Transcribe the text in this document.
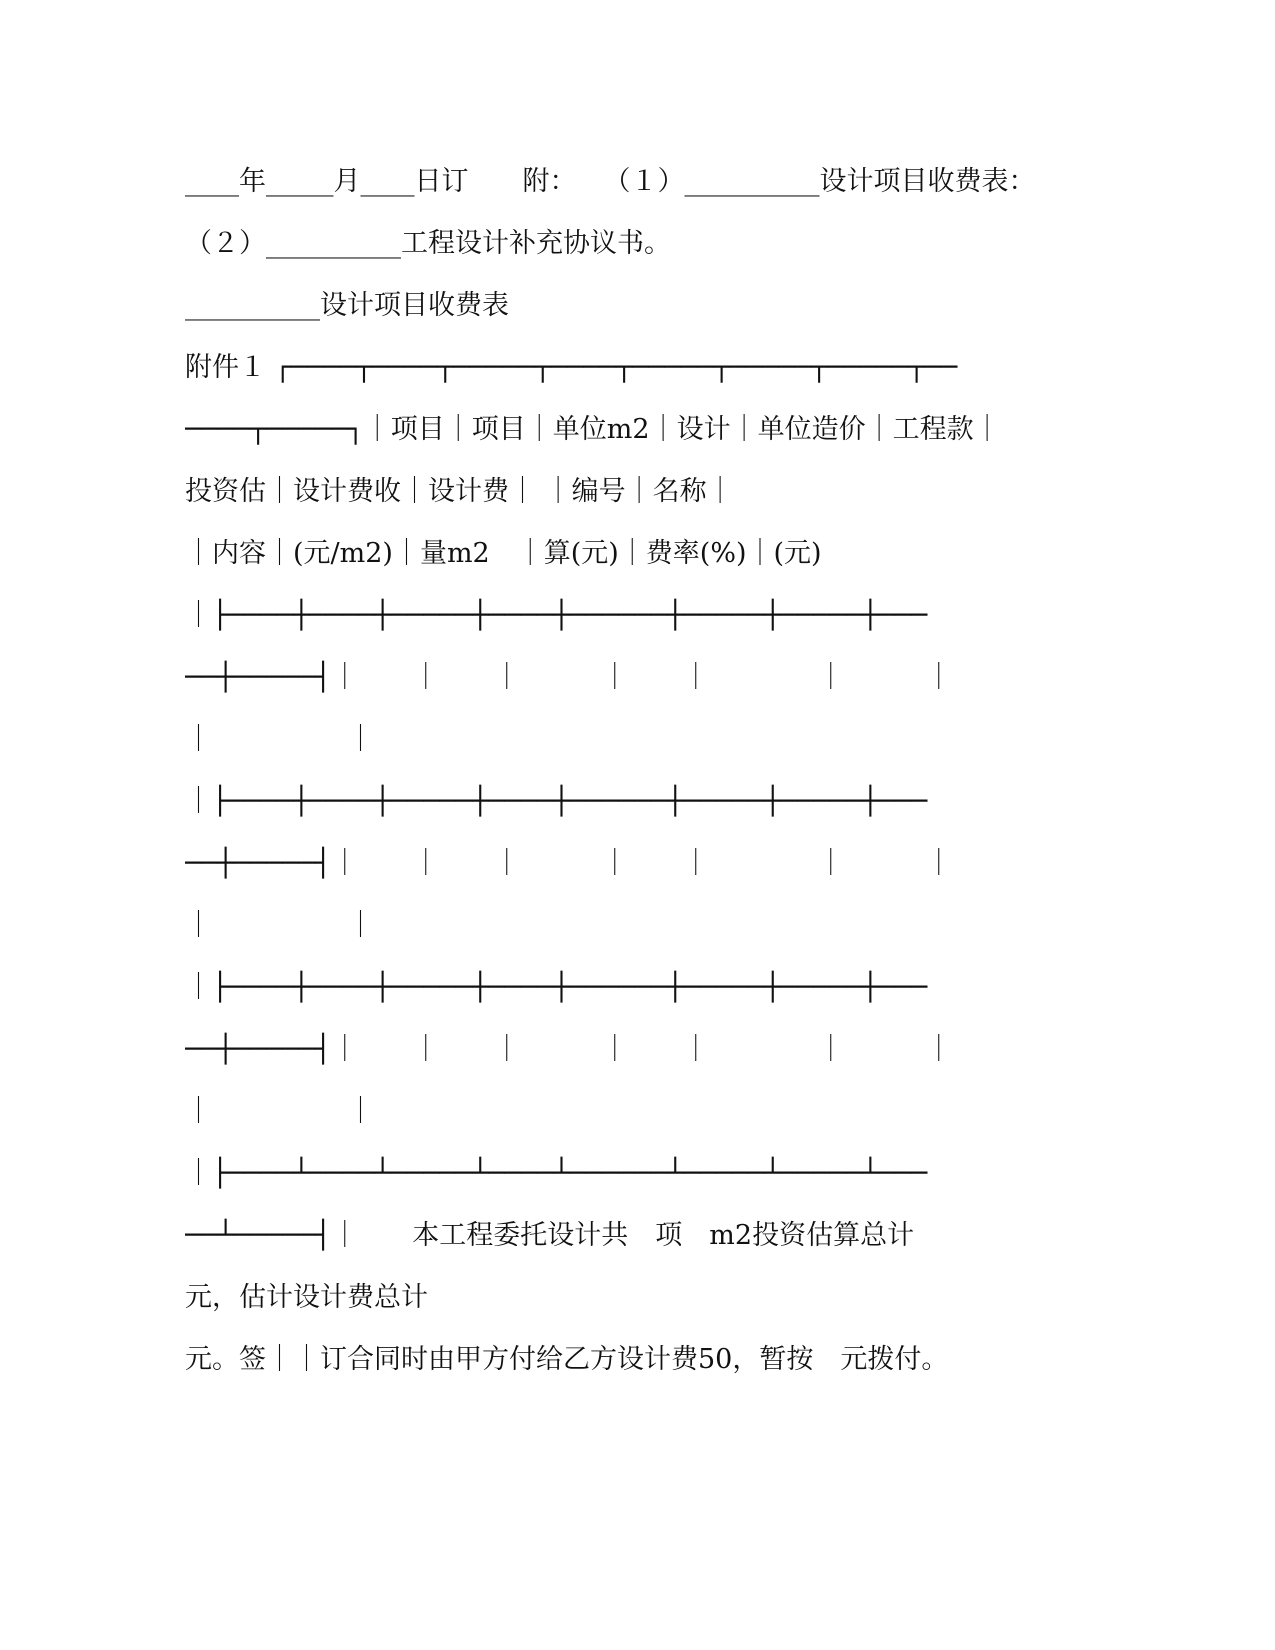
____年_____月____日订　　附：　　（１）__________设计项目收费表：
（２）__________工程设计补充协议书。
__________设计项目收费表
附件１ ┌────┬────┬─────┬────┬─────┬─────┬─────┬──
────┬─────┐｜项目｜项目｜单位m2｜设计｜单位造价｜工程款｜
投资估｜设计费收｜设计费｜ ｜编号｜名称｜
｜内容｜(元/m2)｜量m2　｜算(元)｜费率(%)｜(元)
｜├────┼────┼─────┼────┼──────┼─────┼─────┼───
──┼─────┤｜　　｜　　｜　　　｜　　｜　　　　｜　　　｜
｜　　　　　｜
｜├────┼────┼─────┼────┼──────┼─────┼─────┼───
──┼─────┤｜　　｜　　｜　　　｜　　｜　　　　｜　　　｜
｜　　　　　｜
｜├────┼────┼─────┼────┼──────┼─────┼─────┼───
──┼─────┤｜　　｜　　｜　　　｜　　｜　　　　｜　　　｜
｜　　　　　｜
｜├────┴────┴─────┴────┴──────┴─────┴─────┴───
──┴─────┤｜　　本工程委托设计共　项　m2投资估算总计
元，估计设计费总计
元。签｜｜订合同时由甲方付给乙方设计费50，暂按　元拨付。
